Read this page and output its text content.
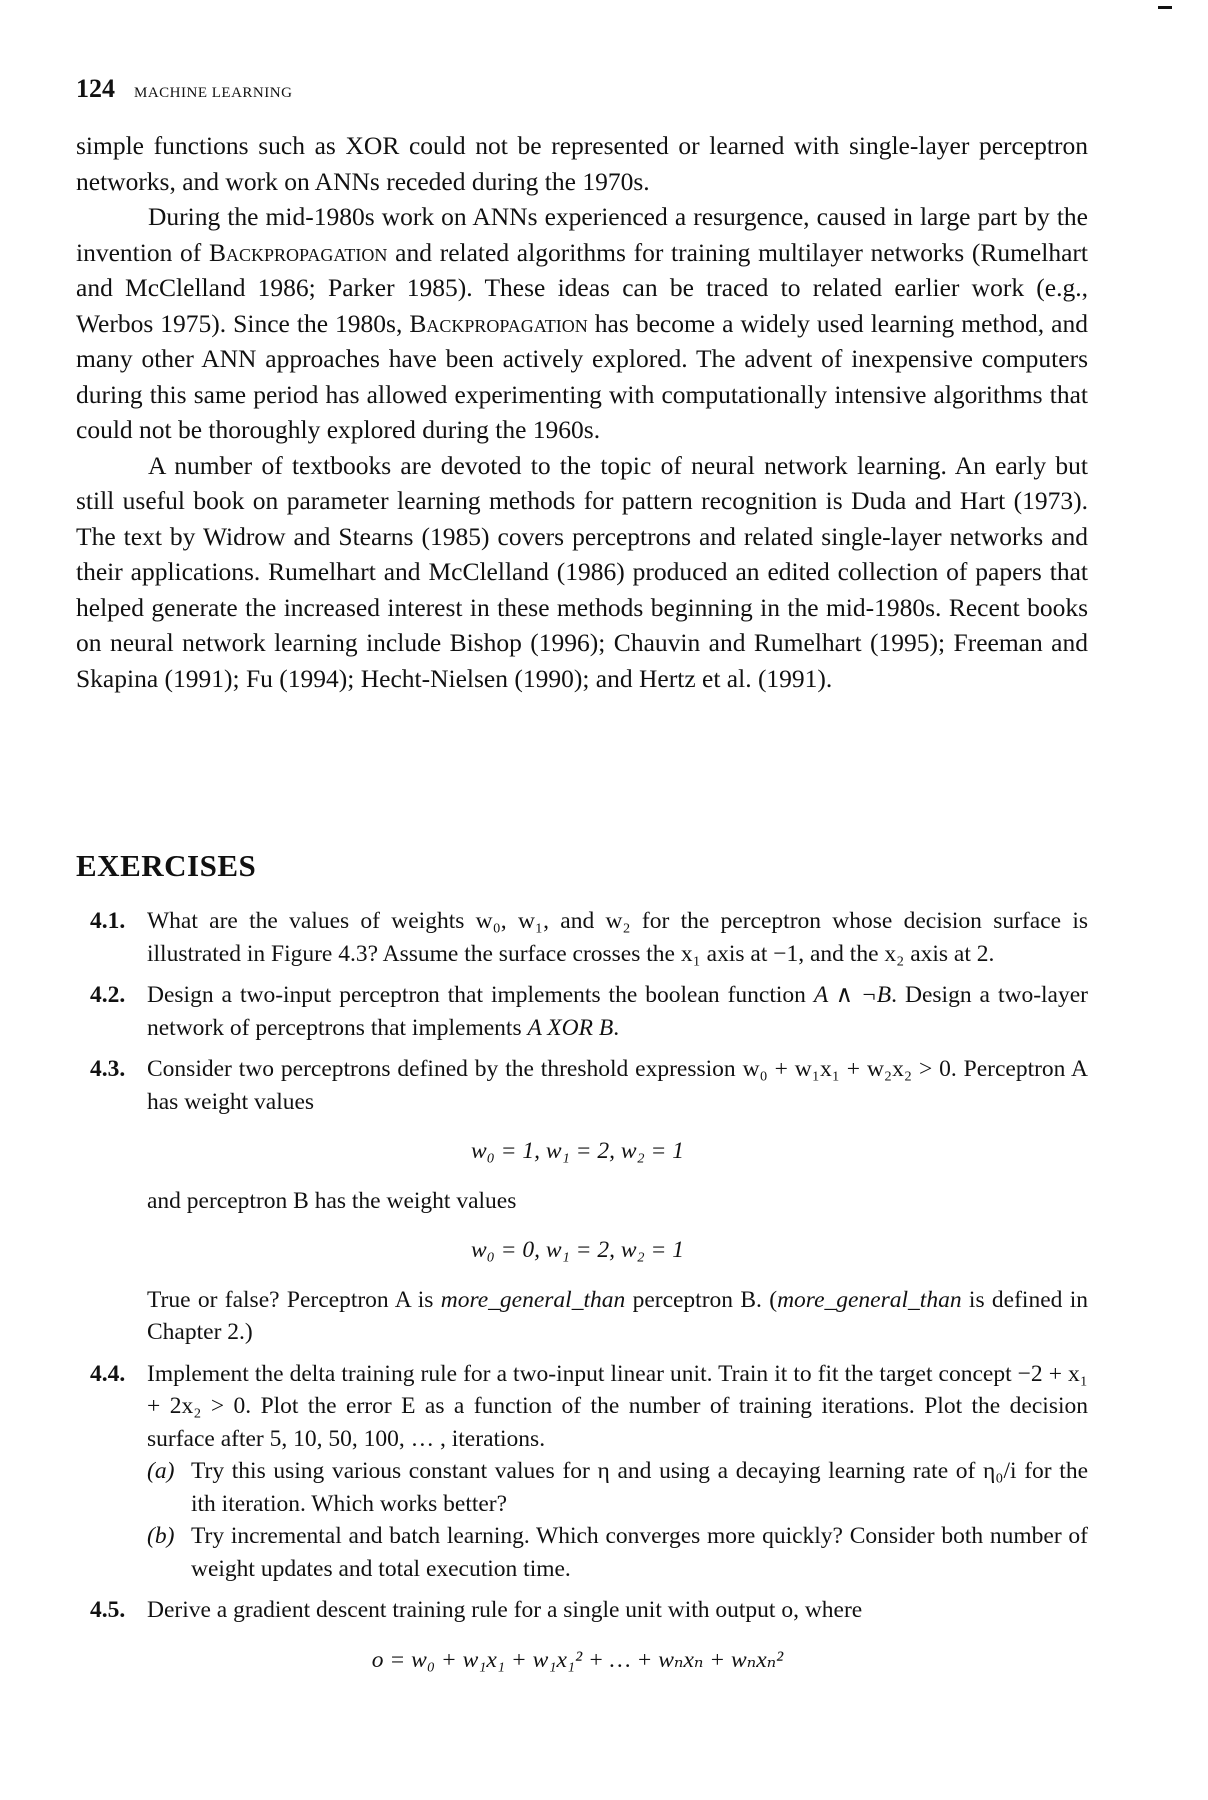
124 MACHINE LEARNING

simple functions such as XOR could not be represented or learned with single-layer perceptron networks, and work on ANNs receded during the 1970s.

During the mid-1980s work on ANNs experienced a resurgence, caused in large part by the invention of Backpropagation and related algorithms for training multilayer networks (Rumelhart and McClelland 1986; Parker 1985). These ideas can be traced to related earlier work (e.g., Werbos 1975). Since the 1980s, Backpropagation has become a widely used learning method, and many other ANN approaches have been actively explored. The advent of inexpensive computers during this same period has allowed experimenting with computationally intensive algorithms that could not be thoroughly explored during the 1960s.

A number of textbooks are devoted to the topic of neural network learning. An early but still useful book on parameter learning methods for pattern recognition is Duda and Hart (1973). The text by Widrow and Stearns (1985) covers perceptrons and related single-layer networks and their applications. Rumelhart and McClelland (1986) produced an edited collection of papers that helped generate the increased interest in these methods beginning in the mid-1980s. Recent books on neural network learning include Bishop (1996); Chauvin and Rumelhart (1995); Freeman and Skapina (1991); Fu (1994); Hecht-Nielsen (1990); and Hertz et al. (1991).

EXERCISES
4.1. What are the values of weights w₀, w₁, and w₂ for the perceptron whose decision surface is illustrated in Figure 4.3? Assume the surface crosses the x₁ axis at −1, and the x₂ axis at 2.
4.2. Design a two-input perceptron that implements the boolean function A ∧ ¬B. Design a two-layer network of perceptrons that implements A XOR B.
4.3. Consider two perceptrons defined by the threshold expression w₀ + w₁x₁ + w₂x₂ > 0. Perceptron A has weight values
w₀ = 1, w₁ = 2, w₂ = 1
and perceptron B has the weight values
w₀ = 0, w₁ = 2, w₂ = 1
True or false? Perceptron A is more_general_than perceptron B. (more_general_than is defined in Chapter 2.)
4.4. Implement the delta training rule for a two-input linear unit. Train it to fit the target concept −2 + x₁ + 2x₂ > 0. Plot the error E as a function of the number of training iterations. Plot the decision surface after 5, 10, 50, 100, … , iterations.
(a) Try this using various constant values for η and using a decaying learning rate of η₀/i for the ith iteration. Which works better?
(b) Try incremental and batch learning. Which converges more quickly? Consider both number of weight updates and total execution time.
4.5. Derive a gradient descent training rule for a single unit with output o, where
o = w₀ + w₁x₁ + w₁x₁² + … + wₙxₙ + wₙxₙ²
